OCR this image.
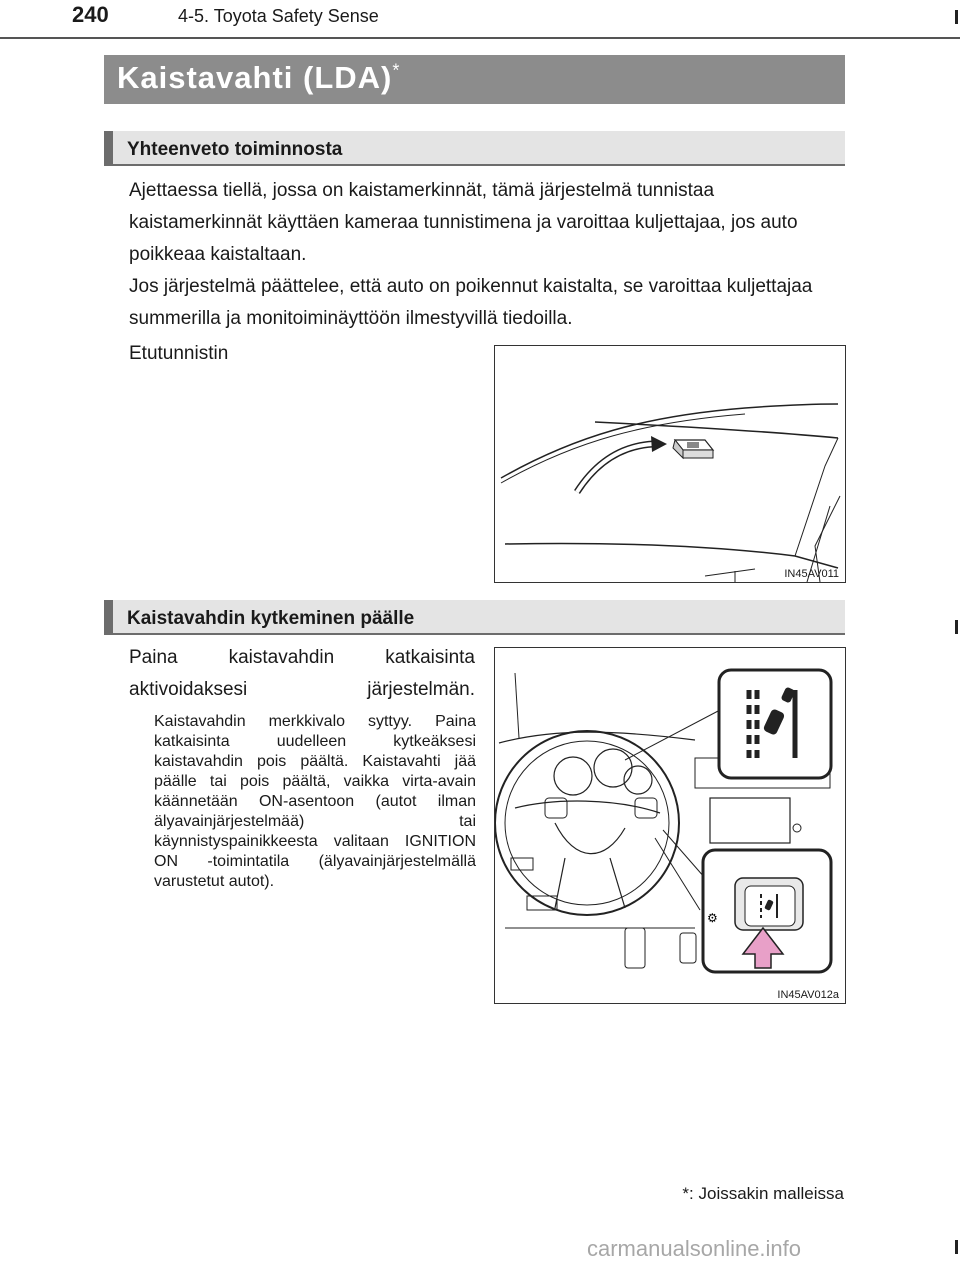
240	4-5. Toyota Safety Sense
Kaistavahti (LDA)*
Yhteenveto toiminnosta
Ajettaessa tiellä, jossa on kaistamerkinnät, tämä järjestelmä tunnistaa kaistamerkinnät käyttäen kameraa tunnistimena ja varoittaa kuljettajaa, jos auto poikkeaa kaistaltaan.
Jos järjestelmä päättelee, että auto on poikennut kaistalta, se varoittaa kuljettajaa summerilla ja monitoiminäyttöön ilmestyvillä tiedoilla.
Etutunnistin
IN45AV011
Kaistavahdin kytkeminen päälle
Paina kaistavahdin katkaisinta aktivoidaksesi järjestelmän.
Kaistavahdin merkkivalo syttyy. Paina katkaisinta uudelleen kytkeäksesi kaistavahdin pois päältä. Kaistavahti jää päälle tai pois päältä, vaikka virta-avain käännetään ON-asentoon (autot ilman älyavainjärjestelmää) tai käynnistyspainikkeesta valitaan IGNITION ON -toimintatila (älyavainjärjestelmällä varustetut autot).
⚙
IN45AV012a
*: Joissakin malleissa
carmanualsonline.info
